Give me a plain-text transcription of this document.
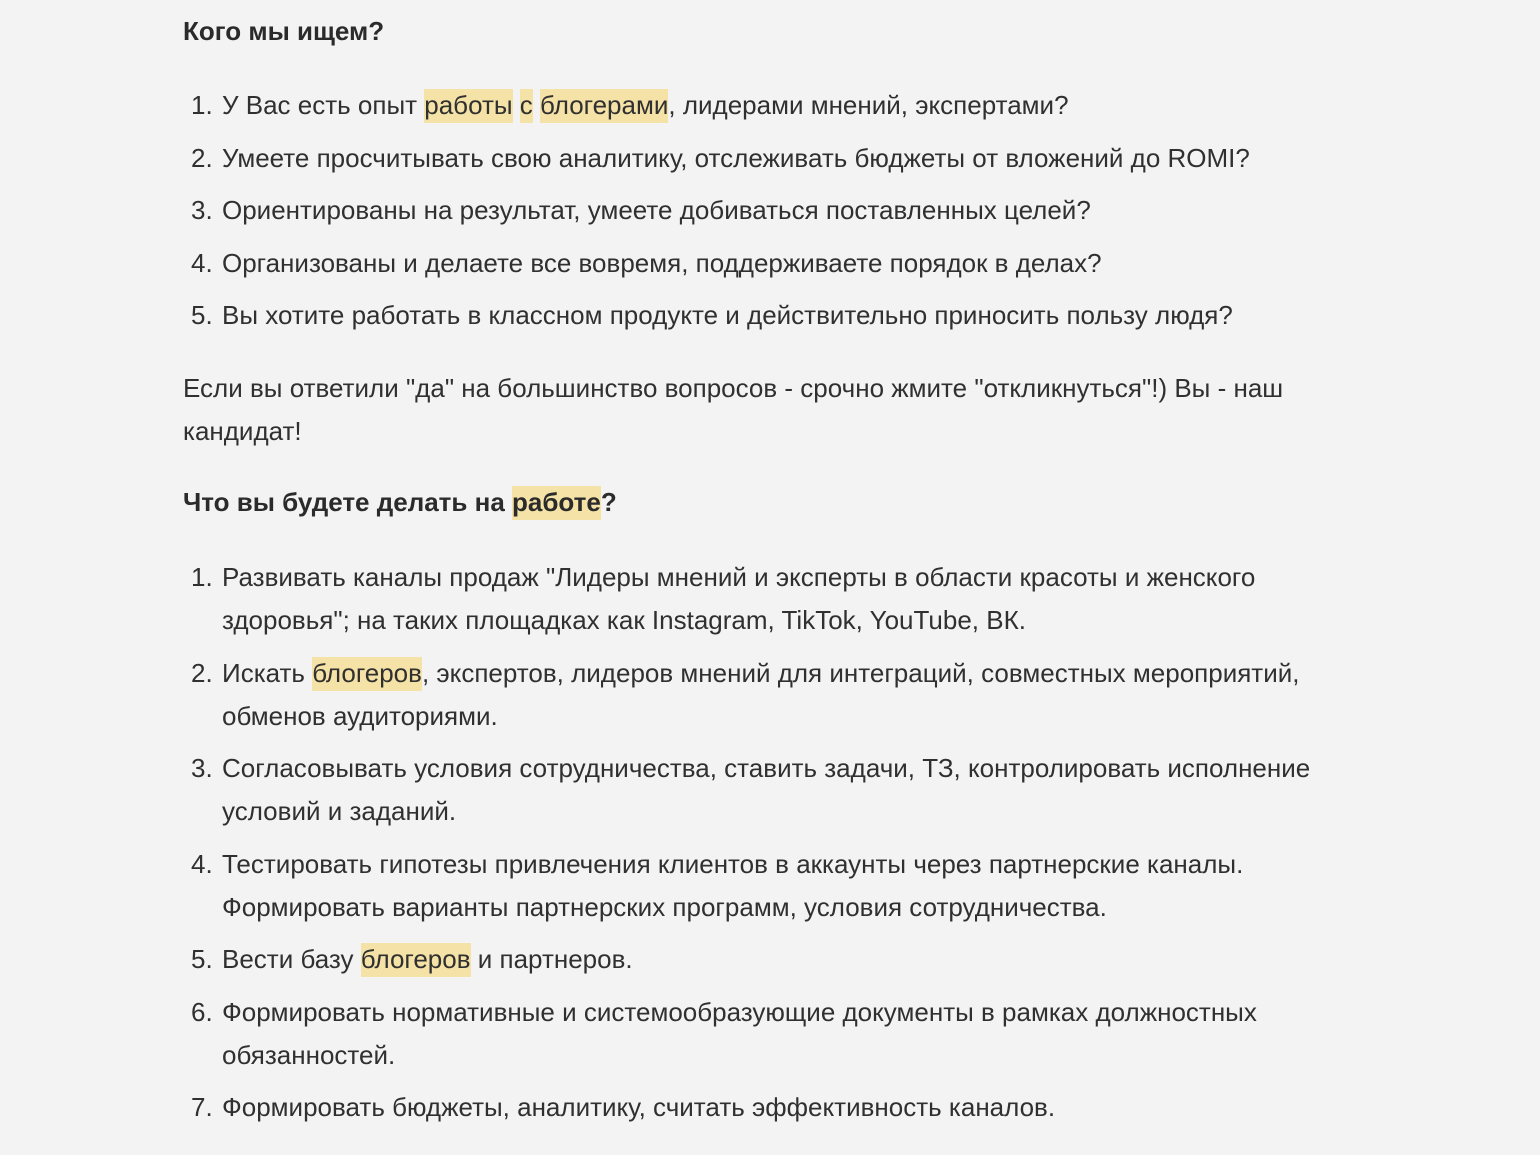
Кого мы ищем?
1. У Вас есть опыт работы с блогерами, лидерами мнений, экспертами?
2. Умеете просчитывать свою аналитику, отслеживать бюджеты от вложений до ROMI?
3. Ориентированы на результат, умеете добиваться поставленных целей?
4. Организованы и делаете все вовремя, поддерживаете порядок в делах?
5. Вы хотите работать в классном продукте и действительно приносить пользу людя?

Если вы ответили "да" на большинство вопросов - срочно жмите "откликнуться"!) Вы - наш кандидат!

Что вы будете делать на работе?
1. Развивать каналы продаж "Лидеры мнений и эксперты в области красоты и женского здоровья"; на таких площадках как Instagram, TikTok, YouTube, ВК.
2. Искать блогеров, экспертов, лидеров мнений для интеграций, совместных мероприятий, обменов аудиториями.
3. Согласовывать условия сотрудничества, ставить задачи, ТЗ, контролировать исполнение условий и заданий.
4. Тестировать гипотезы привлечения клиентов в аккаунты через партнерские каналы. Формировать варианты партнерских программ, условия сотрудничества.
5. Вести базу блогеров и партнеров.
6. Формировать нормативные и системообразующие документы в рамках должностных обязанностей.
7. Формировать бюджеты, аналитику, считать эффективность каналов.
